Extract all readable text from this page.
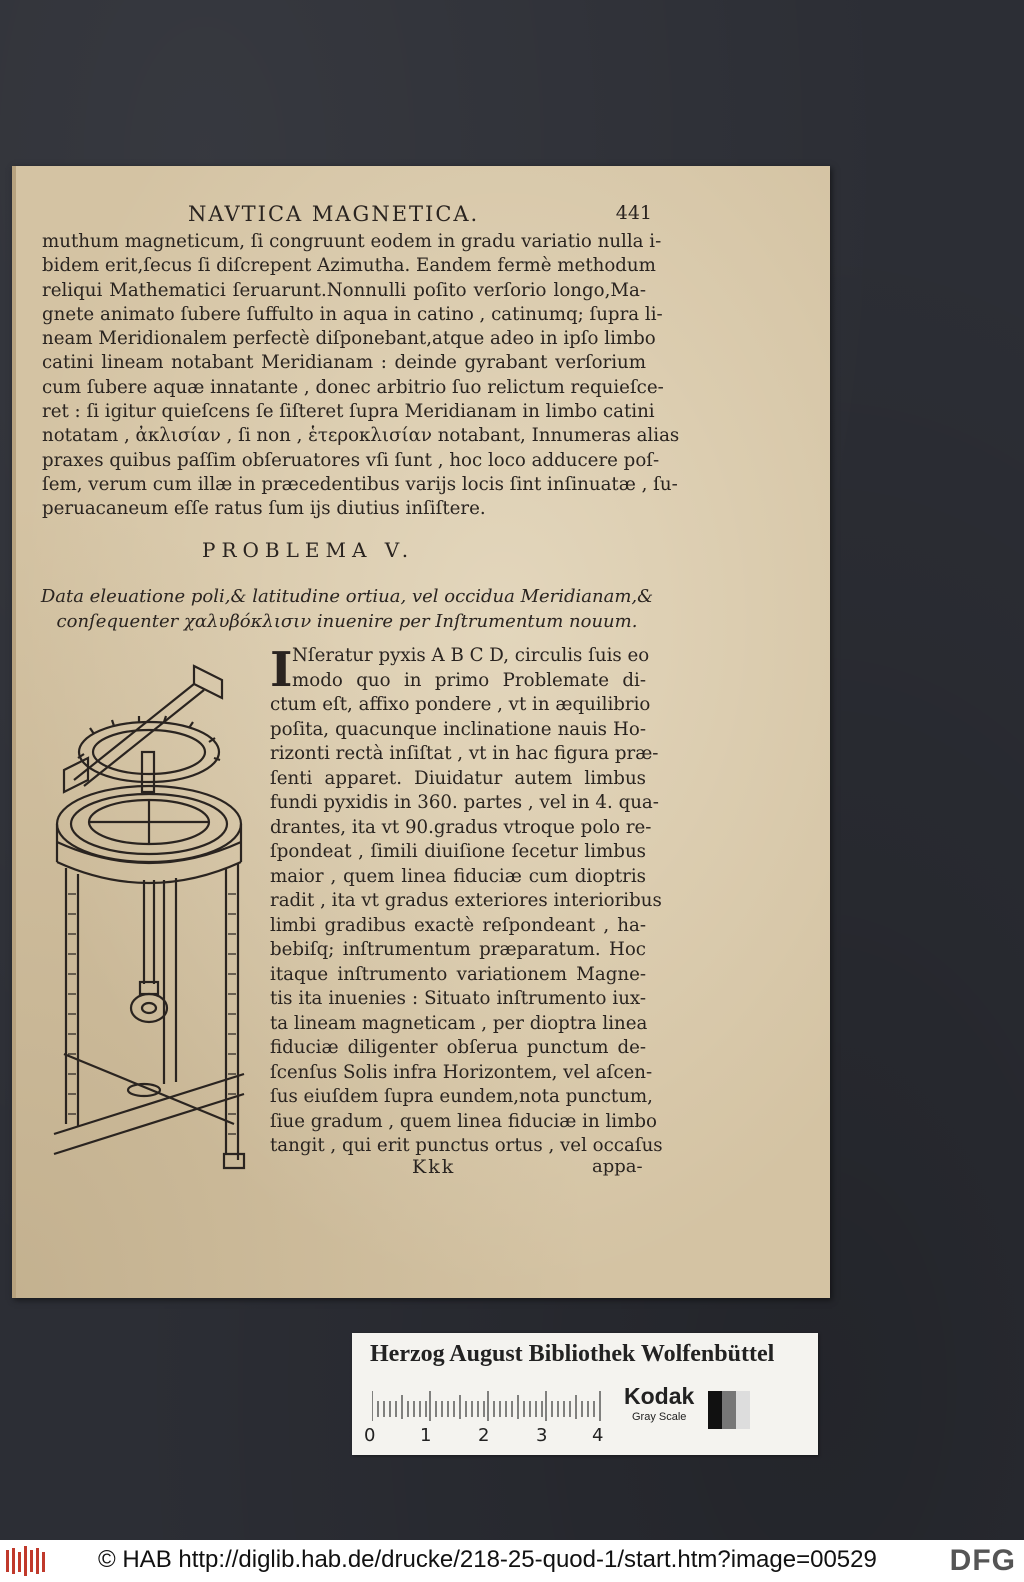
NAVTICA MAGNETICA.	441
muthum magneticum, ſi congruunt eodem in gradu variatio nulla i-
bidem erit,ſecus ſi diſcrepent Azimutha. Eandem fermè methodum
reliqui Mathematici ſeruarunt.Nonnulli poſito verſorio longo,Ma-
gnete animato ſubere ſuffulto in aqua in catino , catinumq; ſupra li-
neam Meridionalem perfectè diſponebant,atque adeo in ipſo limbo
catini lineam notabant Meridianam : deinde gyrabant verſorium
cum ſubere aquæ innatante , donec arbitrio ſuo relictum requieſce-
ret : ſi igitur quieſcens ſe ſiſteret ſupra Meridianam in limbo catini
notatam , ἀκλισίαν , ſi non , ἑτεροκλισίαν notabant, Innumeras alias
praxes quibus paſſim obſeruatores vſi ſunt , hoc loco adducere poſ-
ſem, verum cum illæ in præcedentibus varijs locis ſint inſinuatæ , ſu-
peruacaneum eſſe ratus ſum ijs diutius inſiſtere.
PROBLEMA V.
Data eleuatione poli,& latitudine ortiua, vel occidua Meridianam,&
conſequenter χαλυβόκλισιν inuenire per Inſtrumentum nouum.
I Nſeratur pyxis A B C D, circulis ſuis eo
modo quo in primo Problemate di-
ctum eſt, affixo pondere , vt in æquilibrio
poſita, quacunque inclinatione nauis Ho-
rizonti rectà inſiſtat , vt in hac figura præ-
ſenti apparet. Diuidatur autem limbus
fundi pyxidis in 360. partes , vel in 4. qua-
drantes, ita vt 90.gradus vtroque polo re-
ſpondeat , ſimili diuiſione ſecetur limbus
maior , quem linea fiduciæ cum dioptris
radit , ita vt gradus exteriores interioribus
limbi gradibus exactè reſpondeant , ha-
bebiſq; inſtrumentum præparatum. Hoc
itaque inſtrumento variationem Magne-
tis ita inuenies : Situato inſtrumento iux-
ta lineam magneticam , per dioptra linea
fiduciæ diligenter obſerua punctum de-
ſcenſus Solis infra Horizontem, vel aſcen-
ſus eiuſdem ſupra eundem,nota punctum,
ſiue gradum , quem linea fiduciæ in limbo
tangit , qui erit punctus ortus , vel occaſus
Kkk	appa-
Herzog August Bibliothek Wolfenbüttel
0 1	2	3 4
Kodak
Gray Scale
© HAB http://diglib.hab.de/drucke/218-25-quod-1/start.htm?image=00529 DFG
